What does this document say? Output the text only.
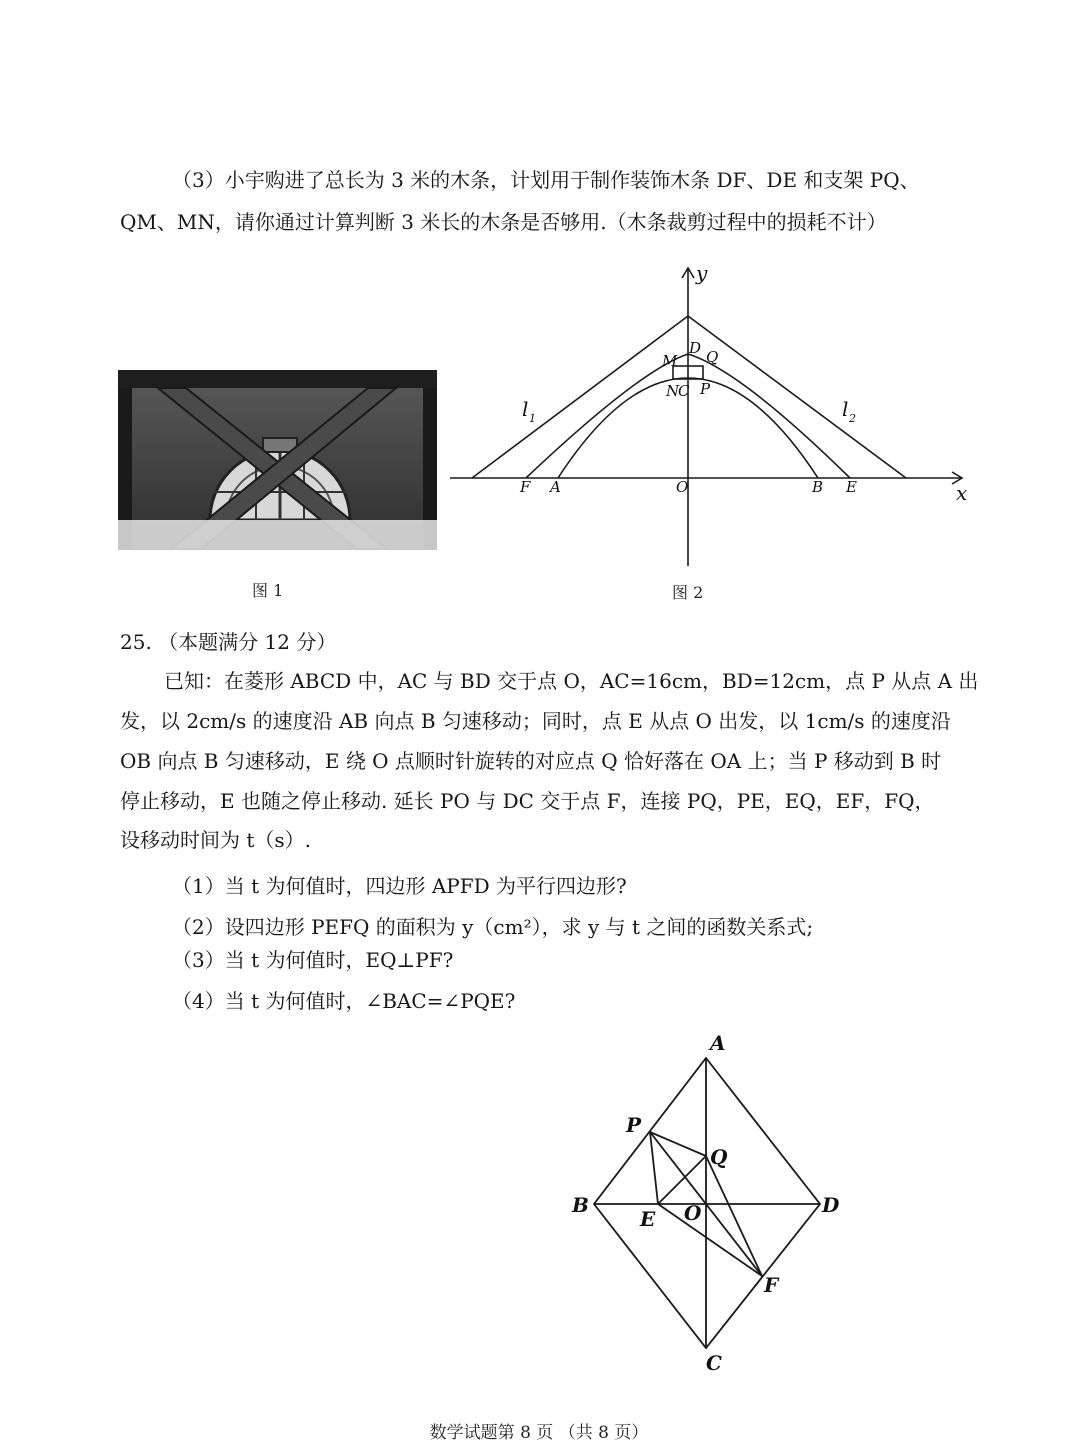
（3）小宇购进了总长为 3 米的木条，计划用于制作装饰木条 DF、DE 和支架 PQ、
QM、MN，请你通过计算判断 3 米长的木条是否够用.（木条裁剪过程中的损耗不计）
图 1
y
x
M
D Q
N
C P
F A	O	B E
l 1	l 2
图 2
25. （本题满分 12 分）
已知：在菱形 ABCD 中，AC 与 BD 交于点 O，AC=16cm，BD=12cm，点 P 从点 A 出
发，以 2cm/s 的速度沿 AB 向点 B 匀速移动；同时，点 E 从点 O 出发，以 1cm/s 的速度沿
OB 向点 B 匀速移动，E 绕 O 点顺时针旋转的对应点 Q 恰好落在 OA 上；当 P 移动到 B 时
停止移动，E 也随之停止移动. 延长 PO 与 DC 交于点 F，连接 PQ，PE，EQ，EF，FQ，
设移动时间为 t（s）.
（1）当 t 为何值时，四边形 APFD 为平行四边形?
（2）设四边形 PEFQ 的面积为 y（cm²），求 y 与 t 之间的函数关系式;
（3）当 t 为何值时，EQ⊥PF?
（4）当 t 为何值时，∠BAC=∠PQE?
A
P
Q
B
E O	D
F
C
数学试题第 8 页 （共 8 页）
